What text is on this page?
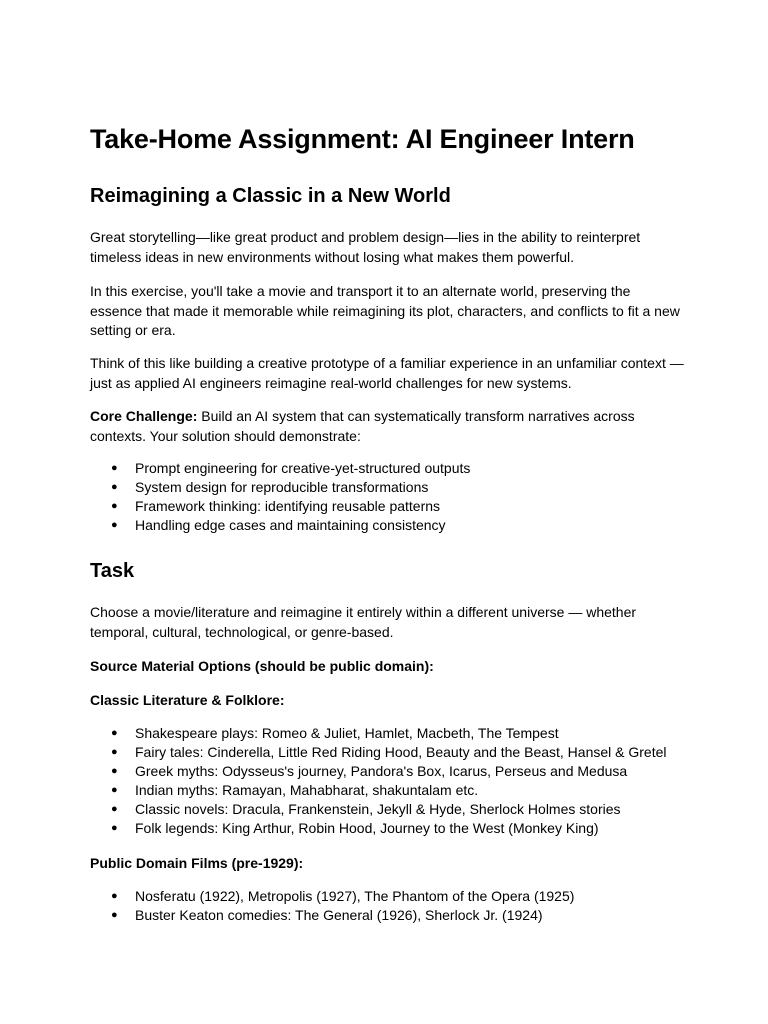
Take-Home Assignment: AI Engineer Intern
Reimagining a Classic in a New World

Great storytelling—like great product and problem design—lies in the ability to reinterpret timeless ideas in new environments without losing what makes them powerful.

In this exercise, you'll take a movie and transport it to an alternate world, preserving the essence that made it memorable while reimagining its plot, characters, and conflicts to fit a new setting or era.

Think of this like building a creative prototype of a familiar experience in an unfamiliar context — just as applied AI engineers reimagine real-world challenges for new systems.

Core Challenge: Build an AI system that can systematically transform narratives across contexts. Your solution should demonstrate:

● Prompt engineering for creative-yet-structured outputs
● System design for reproducible transformations
● Framework thinking: identifying reusable patterns
● Handling edge cases and maintaining consistency
Task

Choose a movie/literature and reimagine it entirely within a different universe — whether temporal, cultural, technological, or genre-based.

Source Material Options (should be public domain):

Classic Literature & Folklore:

● Shakespeare plays: Romeo & Juliet, Hamlet, Macbeth, The Tempest
● Fairy tales: Cinderella, Little Red Riding Hood, Beauty and the Beast, Hansel & Gretel
● Greek myths: Odysseus's journey, Pandora's Box, Icarus, Perseus and Medusa
● Indian myths: Ramayan, Mahabharat, shakuntalam etc.
● Classic novels: Dracula, Frankenstein, Jekyll & Hyde, Sherlock Holmes stories
● Folk legends: King Arthur, Robin Hood, Journey to the West (Monkey King)

Public Domain Films (pre-1929):

● Nosferatu (1922), Metropolis (1927), The Phantom of the Opera (1925)
● Buster Keaton comedies: The General (1926), Sherlock Jr. (1924)
